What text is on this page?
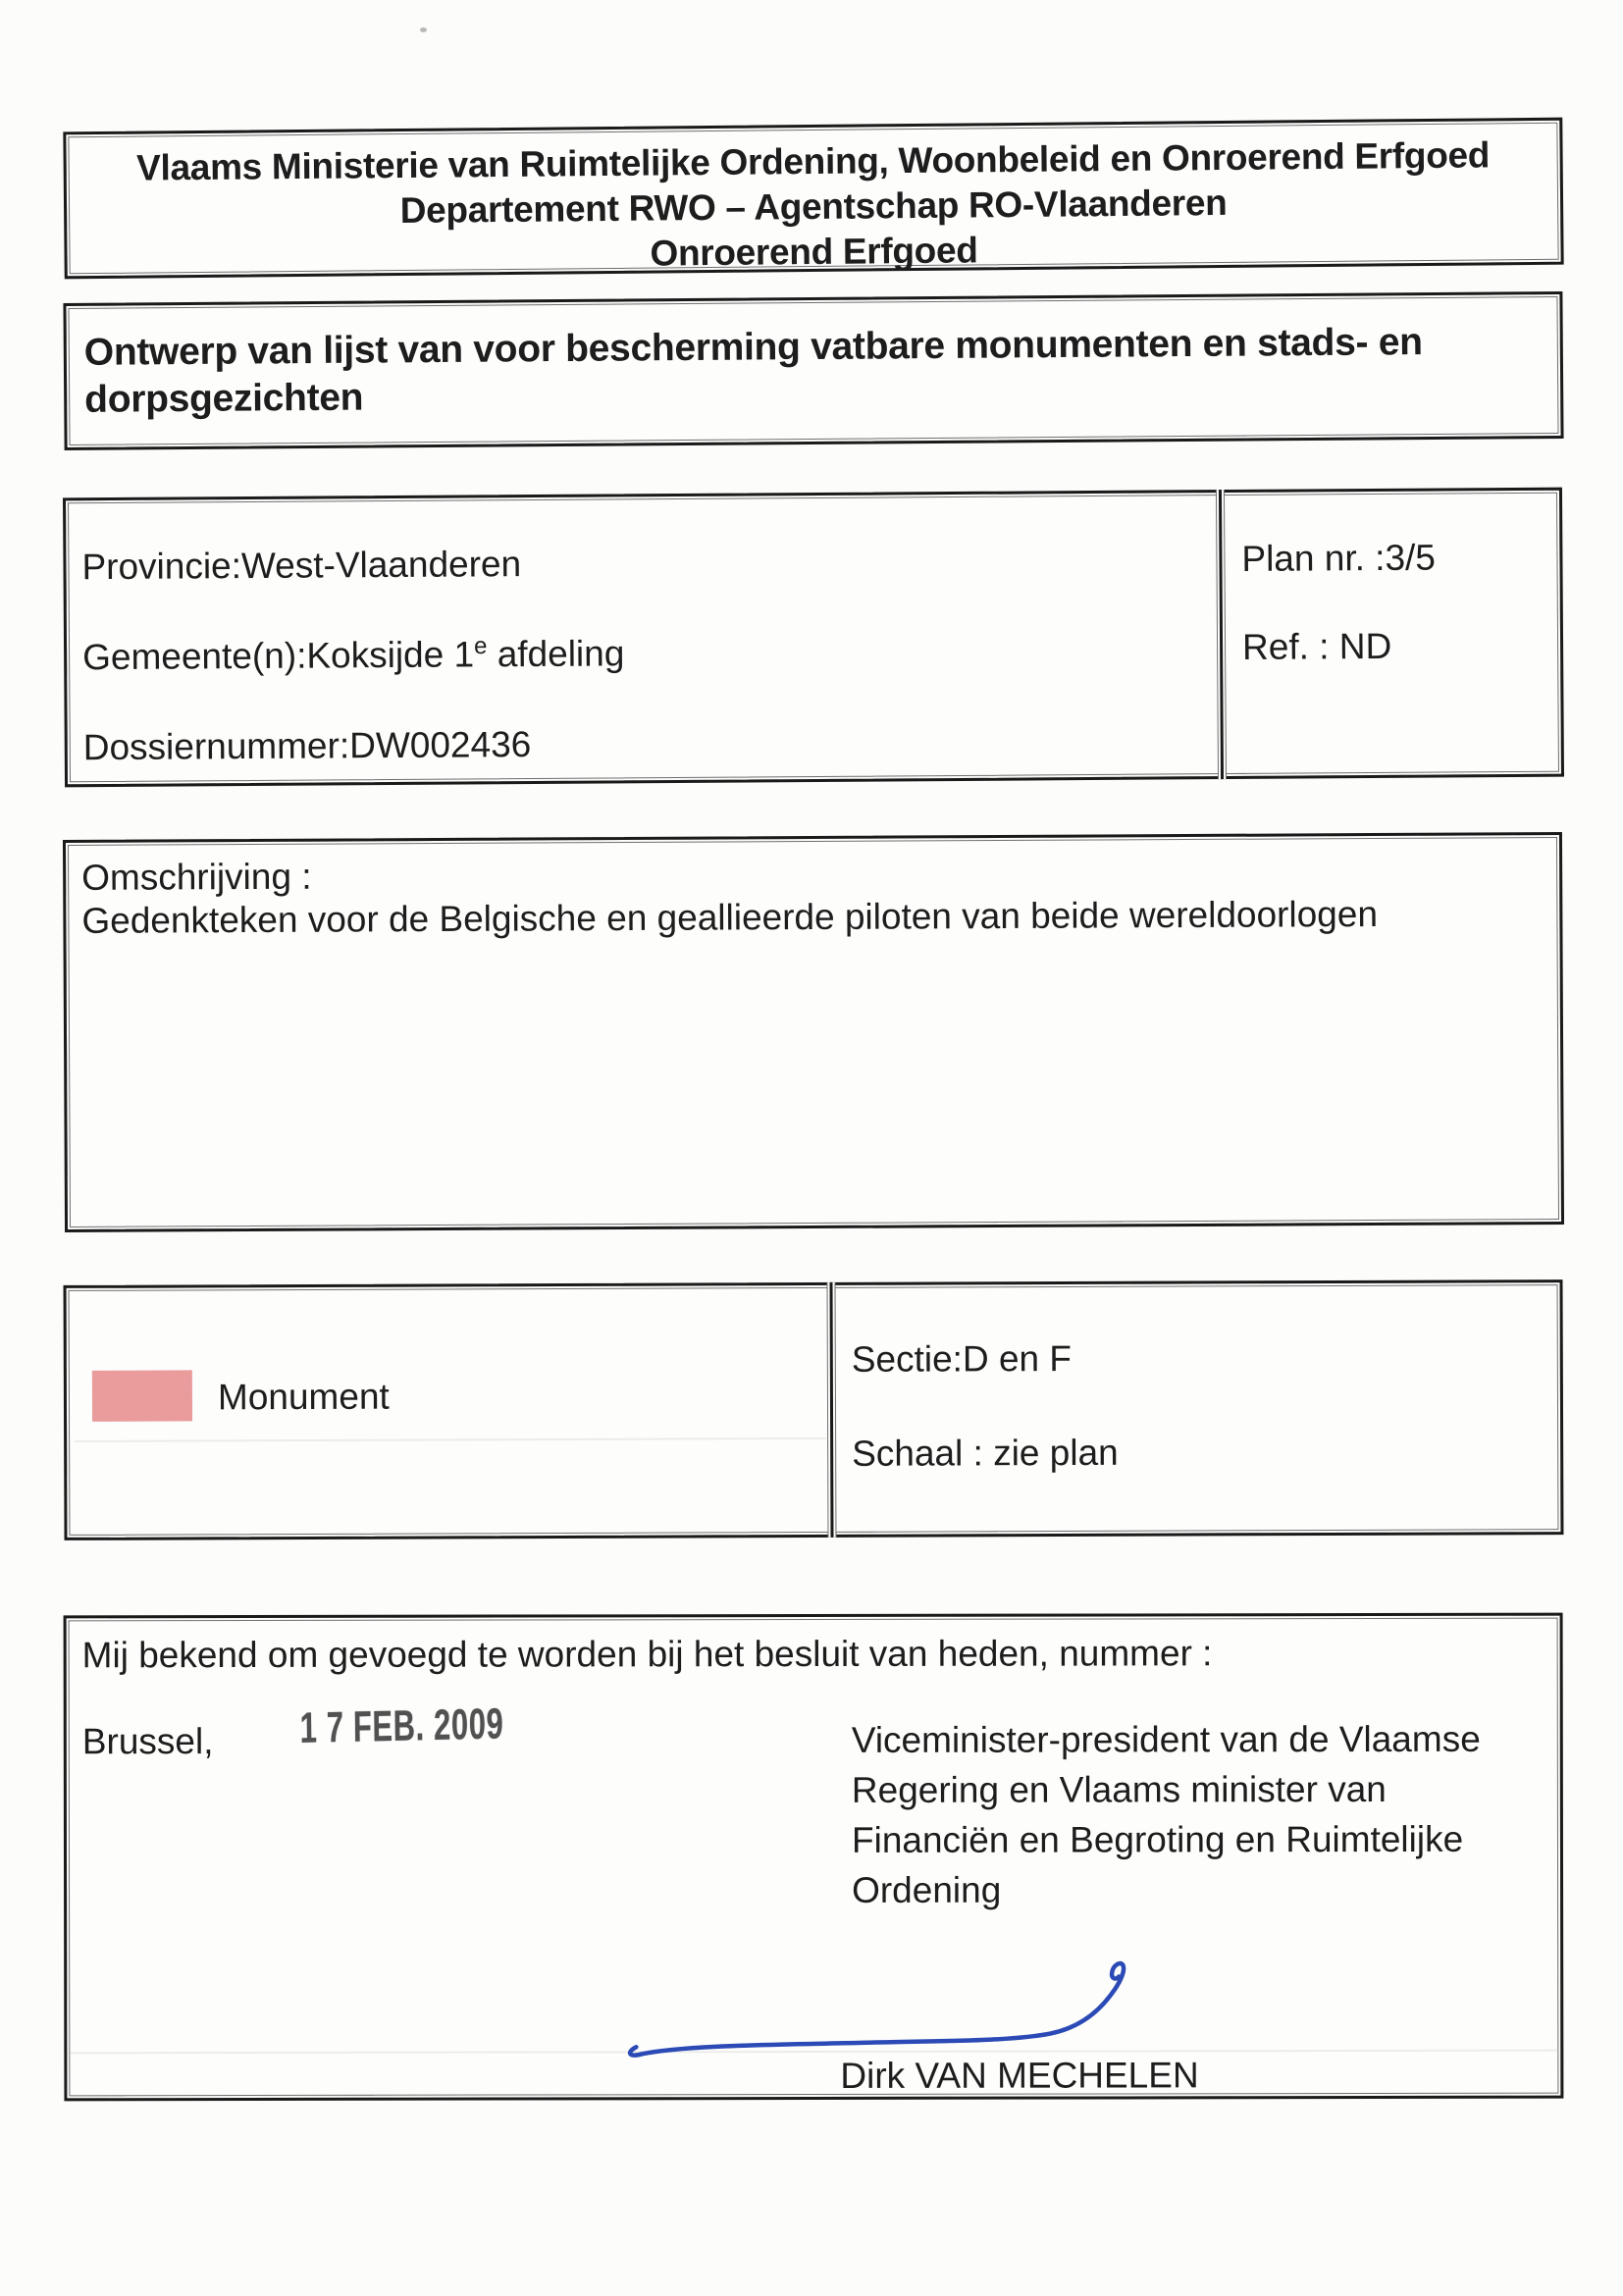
Vlaams Ministerie van Ruimtelijke Ordening, Woonbeleid en Onroerend Erfgoed
Departement RWO – Agentschap RO-Vlaanderen
Onroerend Erfgoed
Ontwerp van lijst van voor bescherming vatbare monumenten en stads- en dorpsgezichten
Provincie:West-Vlaanderen
Gemeente(n):Koksijde 1e afdeling
Dossiernummer:DW002436
Plan nr. :3/5
Ref. : ND
Omschrijving :
Gedenkteken voor de Belgische en geallieerde piloten van beide wereldoorlogen
Monument
Sectie:D en F
Schaal : zie plan
Mij bekend om gevoegd te worden bij het besluit van heden, nummer :
Brussel, 1 7 FEB. 2009	Viceminister-president van de Vlaamse
Regering en Vlaams minister van
Financiën en Begroting en Ruimtelijke
Ordening
Dirk VAN MECHELEN
